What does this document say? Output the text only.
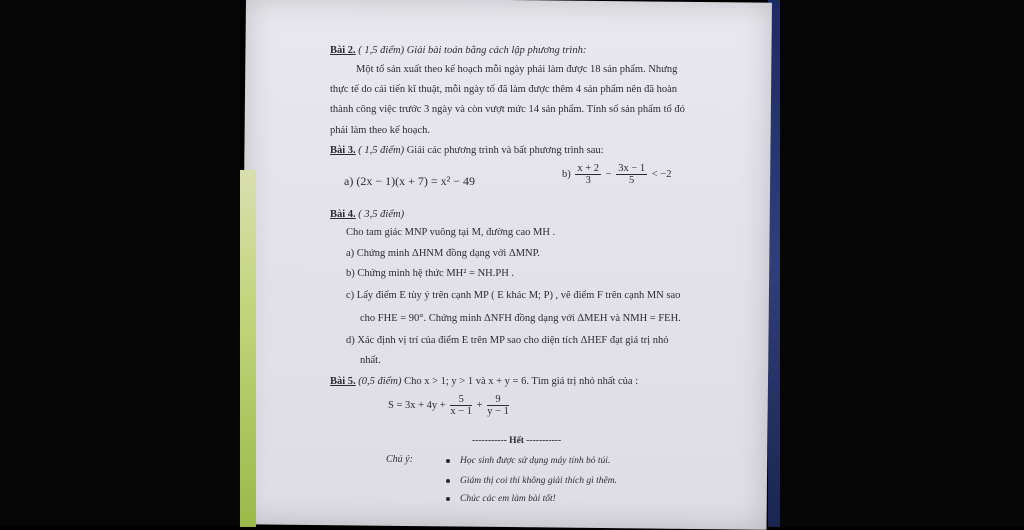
Bài 2. ( 1,5 điểm) Giải bài toán bằng cách lập phương trình:
Một tổ sản xuất theo kế hoạch mỗi ngày phải làm được 18 sản phẩm. Nhưng
thực tế do cải tiến kĩ thuật, mỗi ngày tổ đã làm được thêm 4 sản phẩm nên đã hoàn
thành công việc trước 3 ngày và còn vượt mức 14 sản phẩm. Tính số sản phẩm tổ đó
phải làm theo kế hoạch.
Bài 3. ( 1,5 điểm) Giải các phương trình và bất phương trình sau:
a) (2x − 1)(x + 7) = x² − 49	$b) \frac{x + 2}{3} - \frac{3x - 1}{5} < -2$
Bài 4. ( 3,5 điểm)
Cho tam giác MNP vuông tại M, đường cao MH .
a) Chứng minh ΔHNM đồng dạng với ΔMNP.
b) Chứng minh hệ thức MH² = NH.PH .
c) Lấy điểm E tùy ý trên cạnh MP ( E khác M; P) , vẽ điểm F trên cạnh MN sao
cho FHE = 90°. Chứng minh ΔNFH đồng dạng với ΔMEH và NMH = FEH.
d) Xác định vị trí của điểm E trên MP sao cho diện tích ΔHEF đạt giá trị nhỏ
nhất.
Bài 5. (0,5 điểm) Cho x > 1; y > 1 và x + y = 6. Tìm giá trị nhỏ nhất của :
$S = 3x + 4y + \frac{5}{x - 1} + \frac{9}{y - 1}$
----------- Hết -----------
Chú ý:	Học sinh được sử dụng máy tính bỏ túi.
Giám thị coi thi không giải thích gì thêm.
Chúc các em làm bài tốt!
